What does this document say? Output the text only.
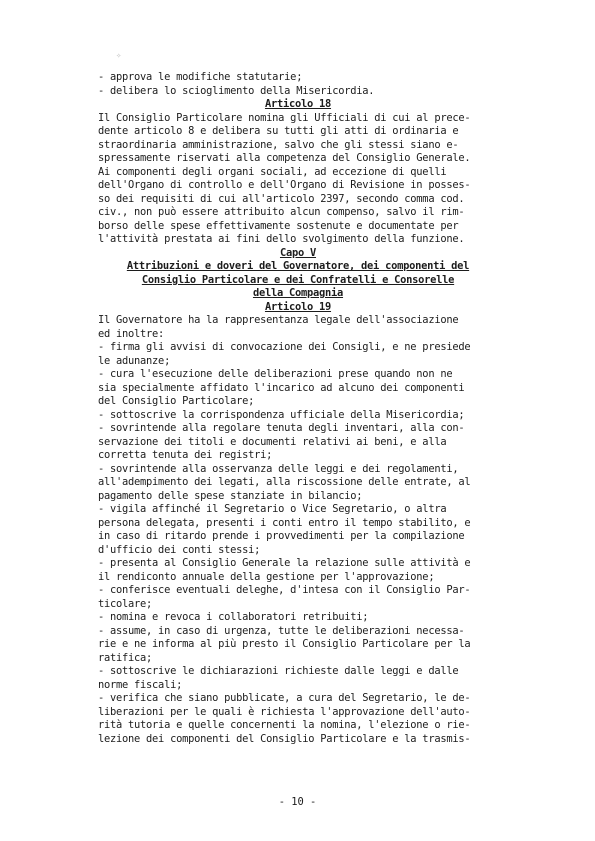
✧
- approva le modifiche statutarie;
- delibera lo scioglimento della Misericordia.
Articolo 18
Il Consiglio Particolare nomina gli Ufficiali di cui al prece-
dente articolo 8 e delibera su tutti gli atti di ordinaria e
straordinaria amministrazione, salvo che gli stessi siano e-
spressamente riservati alla competenza del Consiglio Generale.
Ai componenti degli organi sociali, ad eccezione di quelli
dell'Organo di controllo e dell'Organo di Revisione in posses-
so dei requisiti di cui all'articolo 2397, secondo comma cod.
civ., non può essere attribuito alcun compenso, salvo il rim-
borso delle spese effettivamente sostenute e documentate per
l'attività prestata ai fini dello svolgimento della funzione.
Capo V
Attribuzioni e doveri del Governatore, dei componenti del
Consiglio Particolare e dei Confratelli e Consorelle
della Compagnia
Articolo 19
Il Governatore ha la rappresentanza legale dell'associazione
ed inoltre:
- firma gli avvisi di convocazione dei Consigli, e ne presiede
le adunanze;
- cura l'esecuzione delle deliberazioni prese quando non ne
sia specialmente affidato l'incarico ad alcuno dei componenti
del Consiglio Particolare;
- sottoscrive la corrispondenza ufficiale della Misericordia;
- sovrintende alla regolare tenuta degli inventari, alla con-
servazione dei titoli e documenti relativi ai beni, e alla
corretta tenuta dei registri;
- sovrintende alla osservanza delle leggi e dei regolamenti,
all'adempimento dei legati, alla riscossione delle entrate, al
pagamento delle spese stanziate in bilancio;
- vigila affinché il Segretario o Vice Segretario, o altra
persona delegata, presenti i conti entro il tempo stabilito, e
in caso di ritardo prende i provvedimenti per la compilazione
d'ufficio dei conti stessi;
- presenta al Consiglio Generale la relazione sulle attività e
il rendiconto annuale della gestione per l'approvazione;
- conferisce eventuali deleghe, d'intesa con il Consiglio Par-
ticolare;
- nomina e revoca i collaboratori retribuiti;
- assume, in caso di urgenza, tutte le deliberazioni necessa-
rie e ne informa al più presto il Consiglio Particolare per la
ratifica;
- sottoscrive le dichiarazioni richieste dalle leggi e dalle
norme fiscali;
- verifica che siano pubblicate, a cura del Segretario, le de-
liberazioni per le quali è richiesta l'approvazione dell'auto-
rità tutoria e quelle concernenti la nomina, l'elezione o rie-
lezione dei componenti del Consiglio Particolare e la trasmis-
- 10 -
